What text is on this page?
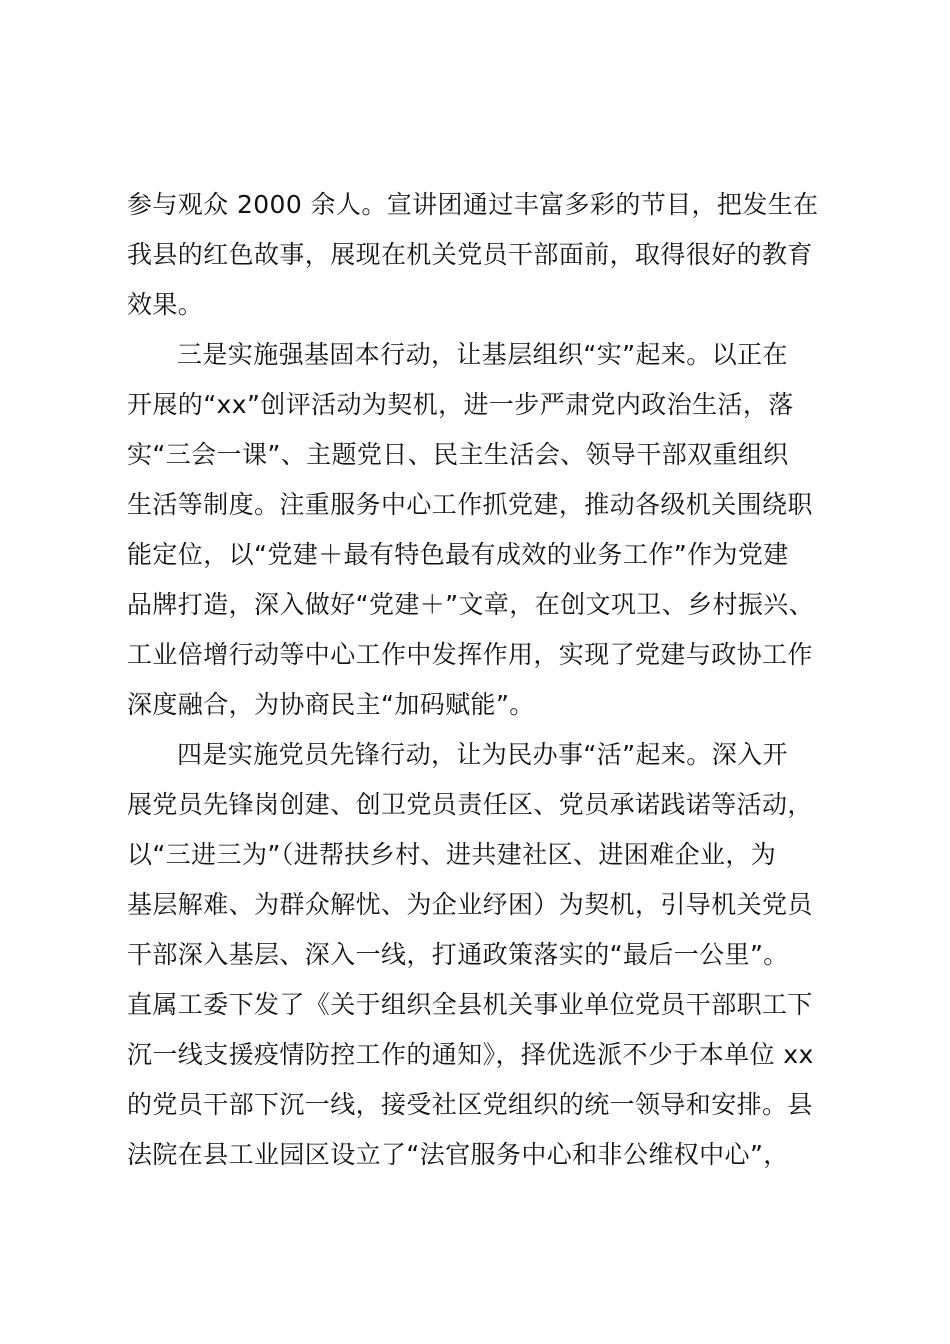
参与观众 2000 余人。宣讲团通过丰富多彩的节目，把发生在
我县的红色故事，展现在机关党员干部面前，取得很好的教育
效果。
三是实施强基固本行动，让基层组织“实”起来。以正在
开展的“xx”创评活动为契机，进一步严肃党内政治生活，落
实“三会一课”、主题党日、民主生活会、领导干部双重组织
生活等制度。注重服务中心工作抓党建，推动各级机关围绕职
能定位，以“党建＋最有特色最有成效的业务工作”作为党建
品牌打造，深入做好“党建＋”文章，在创文巩卫、乡村振兴、
工业倍增行动等中心工作中发挥作用，实现了党建与政协工作
深度融合，为协商民主“加码赋能”。
四是实施党员先锋行动，让为民办事“活”起来。深入开
展党员先锋岗创建、创卫党员责任区、党员承诺践诺等活动，
以“三进三为”（进帮扶乡村、进共建社区、进困难企业，为
基层解难、为群众解忧、为企业纾困）为契机，引导机关党员
干部深入基层、深入一线，打通政策落实的“最后一公里”。
直属工委下发了《关于组织全县机关事业单位党员干部职工下
沉一线支援疫情防控工作的通知》，择优选派不少于本单位 xx
的党员干部下沉一线，接受社区党组织的统一领导和安排。县
法院在县工业园区设立了“法官服务中心和非公维权中心”，
